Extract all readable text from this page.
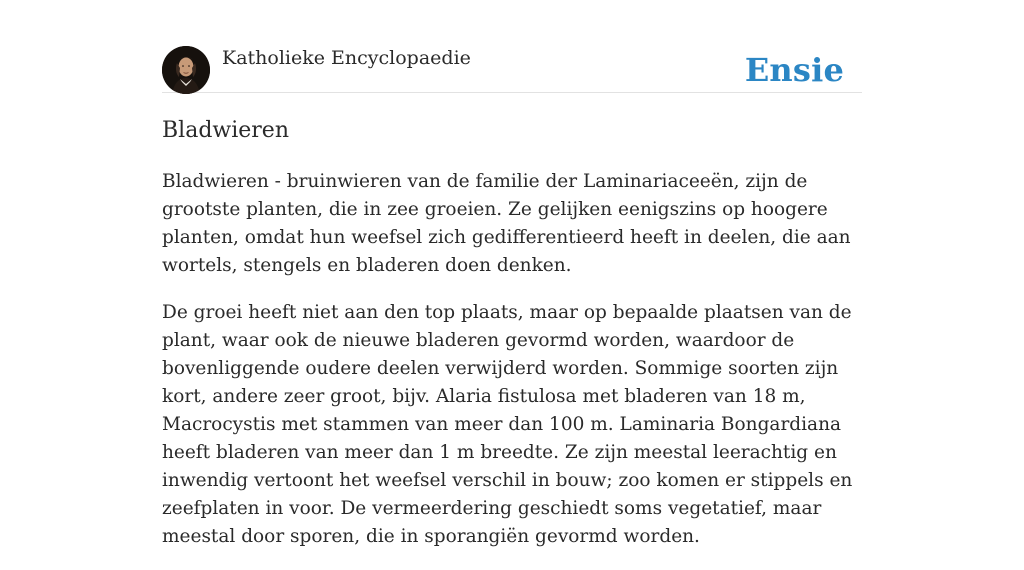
Katholieke Encyclopaedie	Ensie
Bladwieren

Bladwieren - bruinwieren van de familie der Laminariaceeën, zijn de grootste planten, die in zee groeien. Ze gelijken eenigszins op hoogere planten, omdat hun weefsel zich gedifferentieerd heeft in deelen, die aan wortels, stengels en bladeren doen denken.

De groei heeft niet aan den top plaats, maar op bepaalde plaatsen van de plant, waar ook de nieuwe bladeren gevormd worden, waardoor de bovenliggende oudere deelen verwijderd worden. Sommige soorten zijn kort, andere zeer groot, bijv. Alaria fistulosa met bladeren van 18 m, Macrocystis met stammen van meer dan 100 m. Laminaria Bongardiana heeft bladeren van meer dan 1 m breedte. Ze zijn meestal leerachtig en inwendig vertoont het weefsel verschil in bouw; zoo komen er stippels en zeefplaten in voor. De vermeerdering geschiedt soms vegetatief, maar meestal door sporen, die in sporangiën gevormd worden.
